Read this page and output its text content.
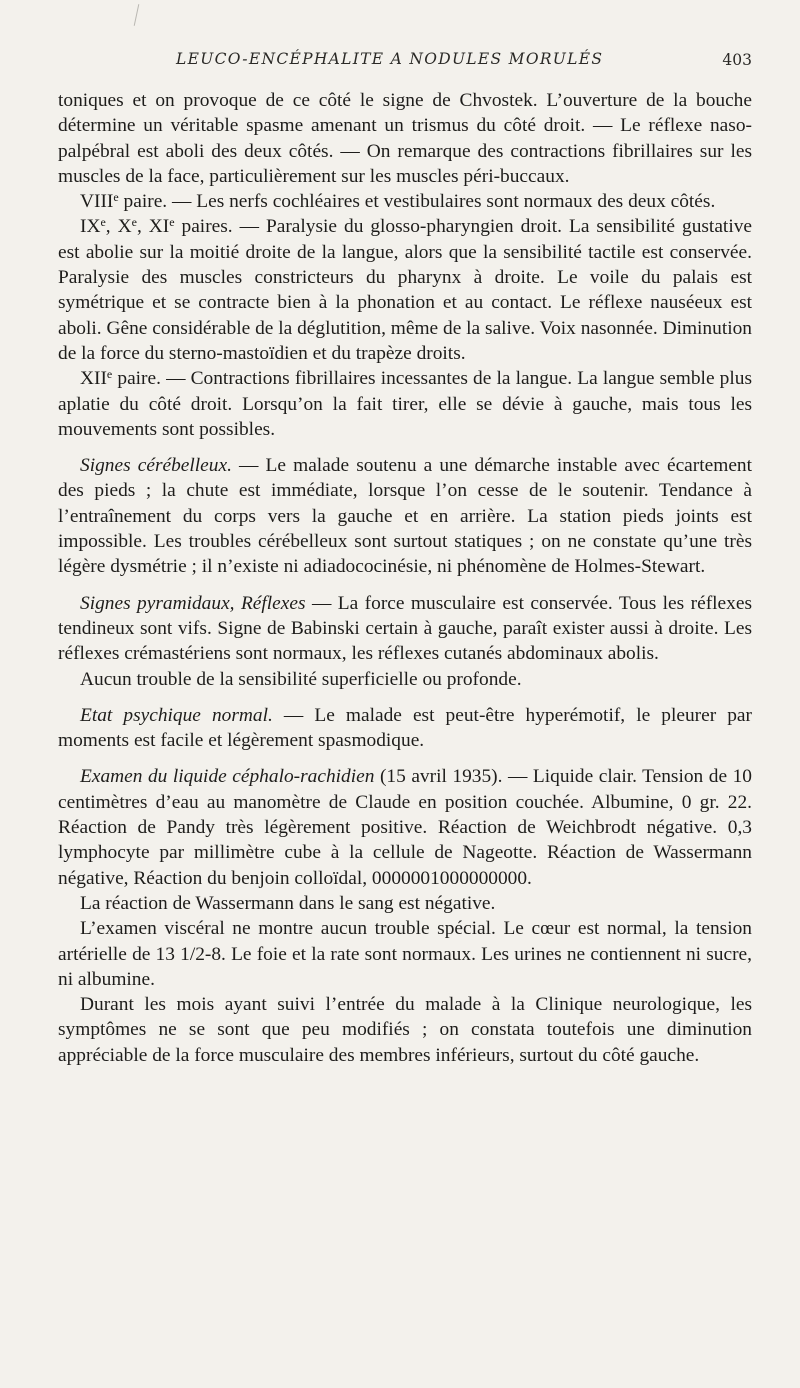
LEUCO-ENCÉPHALITE A NODULES MORULÉS	403

toniques et on provoque de ce côté le signe de Chvostek. L’ouverture de la bouche détermine un véritable spasme amenant un trismus du côté droit. — Le réflexe naso-palpébral est aboli des deux côtés. — On remarque des contractions fibrillaires sur les muscles de la face, particulièrement sur les muscles péri-buccaux.

VIIIe paire. — Les nerfs cochléaires et vestibulaires sont normaux des deux côtés.

IXe, Xe, XIe paires. — Paralysie du glosso-pharyngien droit. La sensibilité gustative est abolie sur la moitié droite de la langue, alors que la sensibilité tactile est conservée. Paralysie des muscles constricteurs du pharynx à droite. Le voile du palais est symétrique et se contracte bien à la phonation et au contact. Le réflexe nauséeux est aboli. Gêne considérable de la déglutition, même de la salive. Voix nasonnée. Diminution de la force du sterno-mastoïdien et du trapèze droits.

XIIe paire. — Contractions fibrillaires incessantes de la langue. La langue semble plus aplatie du côté droit. Lorsqu’on la fait tirer, elle se dévie à gauche, mais tous les mouvements sont possibles.

Signes cérébelleux. — Le malade soutenu a une démarche instable avec écartement des pieds ; la chute est immédiate, lorsque l’on cesse de le soutenir. Tendance à l’entraînement du corps vers la gauche et en arrière. La station pieds joints est impossible. Les troubles cérébelleux sont surtout statiques ; on ne constate qu’une très légère dysmétrie ; il n’existe ni adiadococinésie, ni phénomène de Holmes-Stewart.

Signes pyramidaux, Réflexes — La force musculaire est conservée. Tous les réflexes tendineux sont vifs. Signe de Babinski certain à gauche, paraît exister aussi à droite. Les réflexes crémastériens sont normaux, les réflexes cutanés abdominaux abolis.

Aucun trouble de la sensibilité superficielle ou profonde.

Etat psychique normal. — Le malade est peut-être hyperémotif, le pleurer par moments est facile et légèrement spasmodique.

Examen du liquide céphalo-rachidien (15 avril 1935). — Liquide clair. Tension de 10 centimètres d’eau au manomètre de Claude en position couchée. Albumine, 0 gr. 22. Réaction de Pandy très légèrement positive. Réaction de Weichbrodt négative. 0,3 lymphocyte par millimètre cube à la cellule de Nageotte. Réaction de Wassermann négative, Réaction du benjoin colloïdal, 0000001000000000.

La réaction de Wassermann dans le sang est négative.

L’examen viscéral ne montre aucun trouble spécial. Le cœur est normal, la tension artérielle de 13 1/2-8. Le foie et la rate sont normaux. Les urines ne contiennent ni sucre, ni albumine.

Durant les mois ayant suivi l’entrée du malade à la Clinique neurologique, les symptômes ne se sont que peu modifiés ; on constata toutefois une diminution appréciable de la force musculaire des membres inférieurs, surtout du côté gauche.
